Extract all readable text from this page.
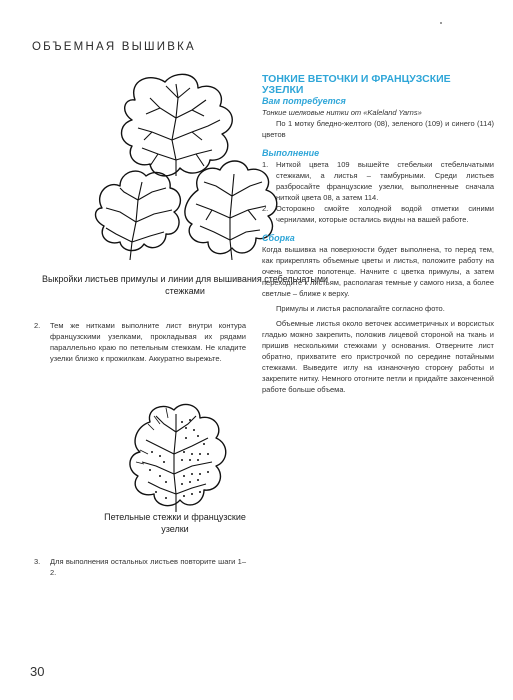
ОБЪЕМНАЯ ВЫШИВКА
Выкройки листьев примулы и линии для вышивания стебельчатыми стежками
2. Тем же нитками выполните лист внутри контура французскими узелками, прокладывая их рядами параллельно краю по петельным стежкам. Не кладите узелки близко к прожилкам. Аккуратно вырежьте.
Петельные стежки и французские узелки
3. Для выполнения остальных листьев повторите шаги 1–2.
ТОНКИЕ ВЕТОЧКИ И ФРАНЦУЗСКИЕ УЗЕЛКИ
Вам потребуется
Тонкие шелковые нитки от «Kaleland Yarns»
По 1 мотку бледно-желтого (08), зеленого (109) и синего (114) цветов
Выполнение
1. Ниткой цвета 109 вышейте стебельки стебельчатыми стежками, а листья – тамбурными. Среди листьев разбросайте французские узелки, выполненные сначала ниткой цвета 08, а затем 114.
2. Осторожно смойте холодной водой отметки синими чернилами, которые остались видны на вашей работе.
Сборка
Когда вышивка на поверхности будет выполнена, то перед тем, как прикреплять объемные цветы и листья, положите работу на очень толстое полотенце. Начните с цветка примулы, а затем переходите к листьям, располагая темные у самого низа, а более светлые – ближе к верху.
Примулы и листья располагайте согласно фото.
Объемные листья около веточек ассиметричных и ворсистых гладью можно закрепить, положив лицевой стороной на ткань и пришив несколькими стежками у основания. Отверните лист обратно, прихватите его пристрочкой по середине потайными стежками. Выведите иглу на изнаночную сторону работы и закрепите нитку. Немного отогните петли и придайте законченной работе больше объема.
30
